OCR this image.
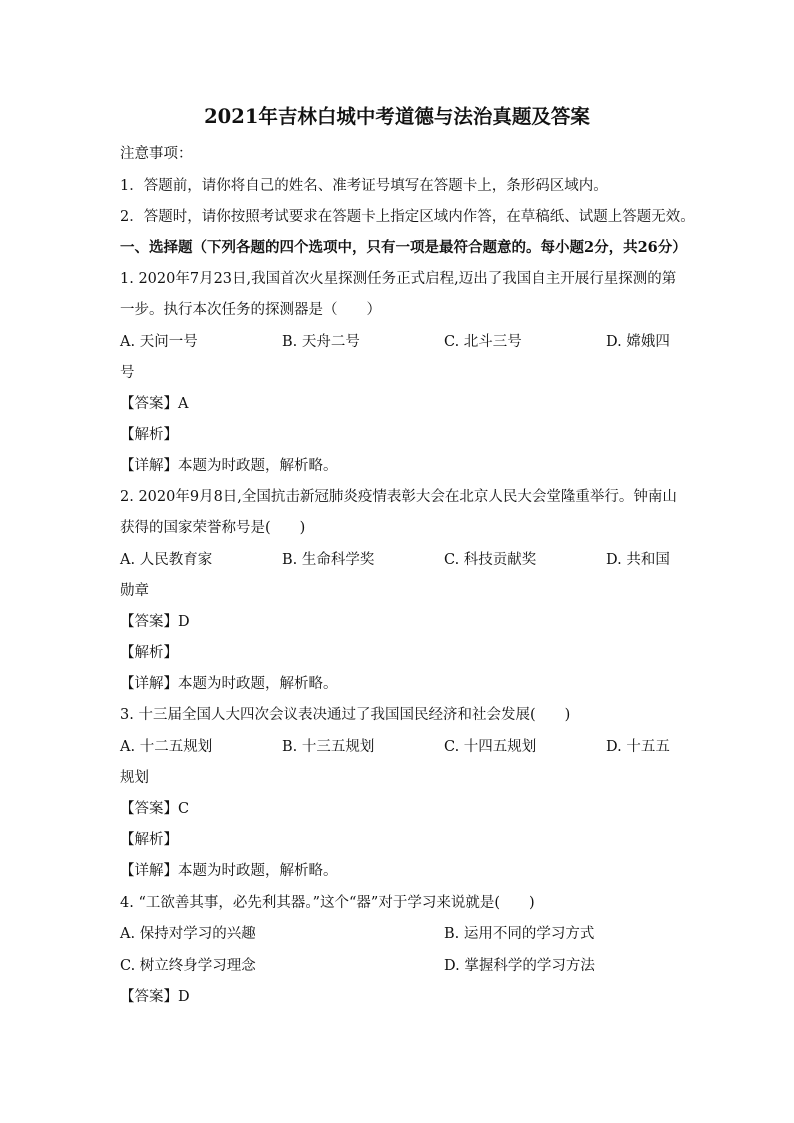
2021年吉林白城中考道德与法治真题及答案
注意事项：
1．答题前，请你将自己的姓名、准考证号填写在答题卡上，条形码区域内。
2．答题时，请你按照考试要求在答题卡上指定区域内作答，在草稿纸、试题上答题无效。
一、选择题（下列各题的四个选项中，只有一项是最符合题意的。每小题2分，共26分）
1. 2020年7月23日,我国首次火星探测任务正式启程,迈出了我国自主开展行星探测的第
一步。执行本次任务的探测器是（　　）
A. 天问一号	B. 天舟二号	C. 北斗三号	D. 嫦娥四
号
【答案】A
【解析】
【详解】本题为时政题，解析略。
2. 2020年9月8日,全国抗击新冠肺炎疫情表彰大会在北京人民大会堂隆重举行。钟南山
获得的国家荣誉称号是(　　)
A. 人民教育家	B. 生命科学奖	C. 科技贡献奖	D. 共和国
勋章
【答案】D
【解析】
【详解】本题为时政题，解析略。
3. 十三届全国人大四次会议表决通过了我国国民经济和社会发展(　　)
A. 十二五规划	B. 十三五规划	C. 十四五规划	D. 十五五
规划
【答案】C
【解析】
【详解】本题为时政题，解析略。
4. “工欲善其事，必先利其器。”这个“器”对于学习来说就是(　　)
A. 保持对学习的兴趣	B. 运用不同的学习方式
C. 树立终身学习理念	D. 掌握科学的学习方法
【答案】D
